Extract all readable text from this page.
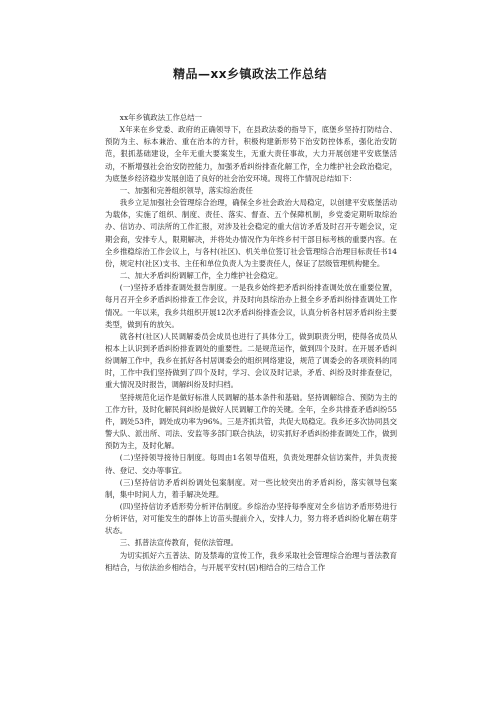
精品—xx乡镇政法工作总结

xx年乡镇政法工作总结一

X年来在乡党委、政府的正确领导下，在县政法委的指导下，底堡乡坚持打防结合、预防为主、标本兼治、重在治本的方针，积极构建新形势下治安防控体系，强化治安防范，狠抓基础建设，全年无重大要案发生，无重大责任事故，大力开展创建平安底堡活动，不断增强社会治安防控能力，加强矛盾纠纷排查化解工作，全力维护社会政治稳定，为底堡乡经济稳步发展创造了良好的社会治安环境。现将工作情况总结如下：

一、加强和完善组织领导，落实综治责任

我乡立足加强社会管理综合治理，确保全乡社会政治大局稳定，以创建平安底堡活动为载体，实施了组织、制度、责任、落实、督查、五个保障机制，乡党委定期听取综治办、信访办、司法所的工作汇报，对涉及社会稳定的重大信访矛盾及时召开专题会议，定期会商，安排专人，限期解决，并将处办情况作为年终乡村干部目标考核的重要内容。在全乡推稳综治工作会议上，与各村(社区)、机关单位签订社会管理综合治理目标责任书14份，规定村(社区)支书、主任和单位负责人为主要责任人，保证了层级管理机构健全。

二、加大矛盾纠纷调解工作，全力维护社会稳定。

(一)坚持矛盾排查调处报告制度。一是我乡始终把矛盾纠纷排查调处放在重要位置，每月召开全乡矛盾纠纷排查工作会议，并及时向县综治办上报全乡矛盾纠纷排查调处工作情况。一年以来，我乡共组织开展12次矛盾纠纷排查会议，认真分析各村居矛盾纠纷主要类型，做到有的放矢。

就各村(社区)人民调解委员会成员也进行了具体分工，做到职责分明，使得各成员从根本上认识到矛盾纠纷排查调处的重要性。二是规范运作，做到四个及时。在开展矛盾纠纷调解工作中，我乡在抓好各村居调委会的组织网络建设，规范了调委会的各项资料的同时，工作中我们坚持做到了四个及时，学习、会议及时记录，矛盾、纠纷及时排查登记，重大情况及时报告，调解纠纷及时归档。

坚持规范化运作是做好标准人民调解的基本条件和基础。坚持调解综合、预防为主的工作方针，及时化解民间纠纷是做好人民调解工作的关键。全年，全乡共排查矛盾纠纷55件，调处53件，调处成功率为96%。三是齐抓共管，共促大局稳定。我乡还多次协同县交警大队、派出所、司法、安监等多部门联合执法，切实抓好矛盾纠纷排查调处工作，做到预防为主，及时化解。

(二)坚持领导接待日制度。每周由1名领导值班，负责处理群众信访案件，并负责接待、登记、交办等事宜。

(三)坚持信访矛盾纠纷调处包案制度。对一些比较突出的矛盾纠纷，落实领导包案制，集中时间人力，着手解决处理。

(四)坚持信访矛盾形势分析评估制度。乡综治办坚持每季度对全乡信访矛盾形势进行分析评估，对可能发生的群体上访苗头提前介入，安排人力，努力将矛盾纠纷化解在萌芽状态。

三、抓普法宣传教育，促依法管理。

为切实抓好六五普法、防及禁毒的宣传工作，我乡采取社会管理综合治理与普法教育相结合，与依法治乡相结合，与开展平安村(居)相结合的三结合工作
